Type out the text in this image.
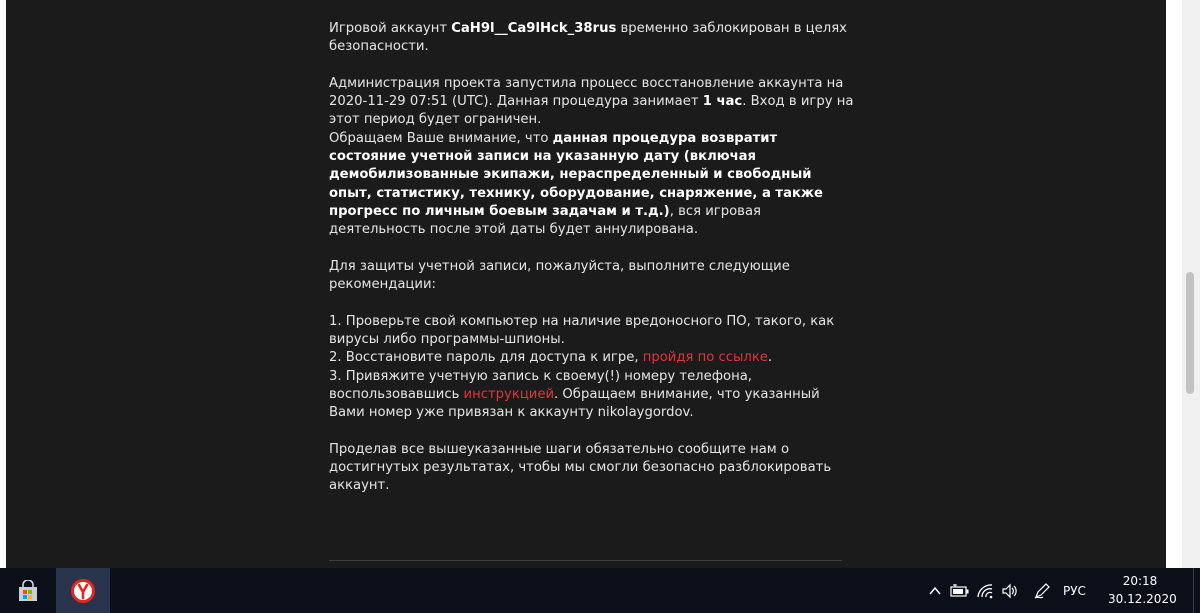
Игровой аккаунт CaH9l__Ca9lHck_38rus временно заблокирован в целях безопасности.

Администрация проекта запустила процесс восстановление аккаунта на 2020-11-29 07:51 (UTC). Данная процедура занимает 1 час. Вход в игру на этот период будет ограничен.
Обращаем Ваше внимание, что данная процедура возвратит состояние учетной записи на указанную дату (включая демобилизованные экипажи, нераспределенный и свободный опыт, статистику, технику, оборудование, снаряжение, а также прогресс по личным боевым задачам и т.д.), вся игровая деятельность после этой даты будет аннулирована.

Для защиты учетной записи, пожалуйста, выполните следующие рекомендации:

1. Проверьте свой компьютер на наличие вредоносного ПО, такого, как вирусы либо программы-шпионы.
2. Восстановите пароль для доступа к игре, пройдя по ссылке.
3. Привяжите учетную запись к своему(!) номеру телефона, воспользовавшись инструкцией. Обращаем внимание, что указанный Вами номер уже привязан к аккаунту nikolaygordov.

Проделав все вышеуказанные шаги обязательно сообщите нам о достигнутых результатах, чтобы мы смогли безопасно разблокировать аккаунт.

РУС
20:18
30.12.2020
